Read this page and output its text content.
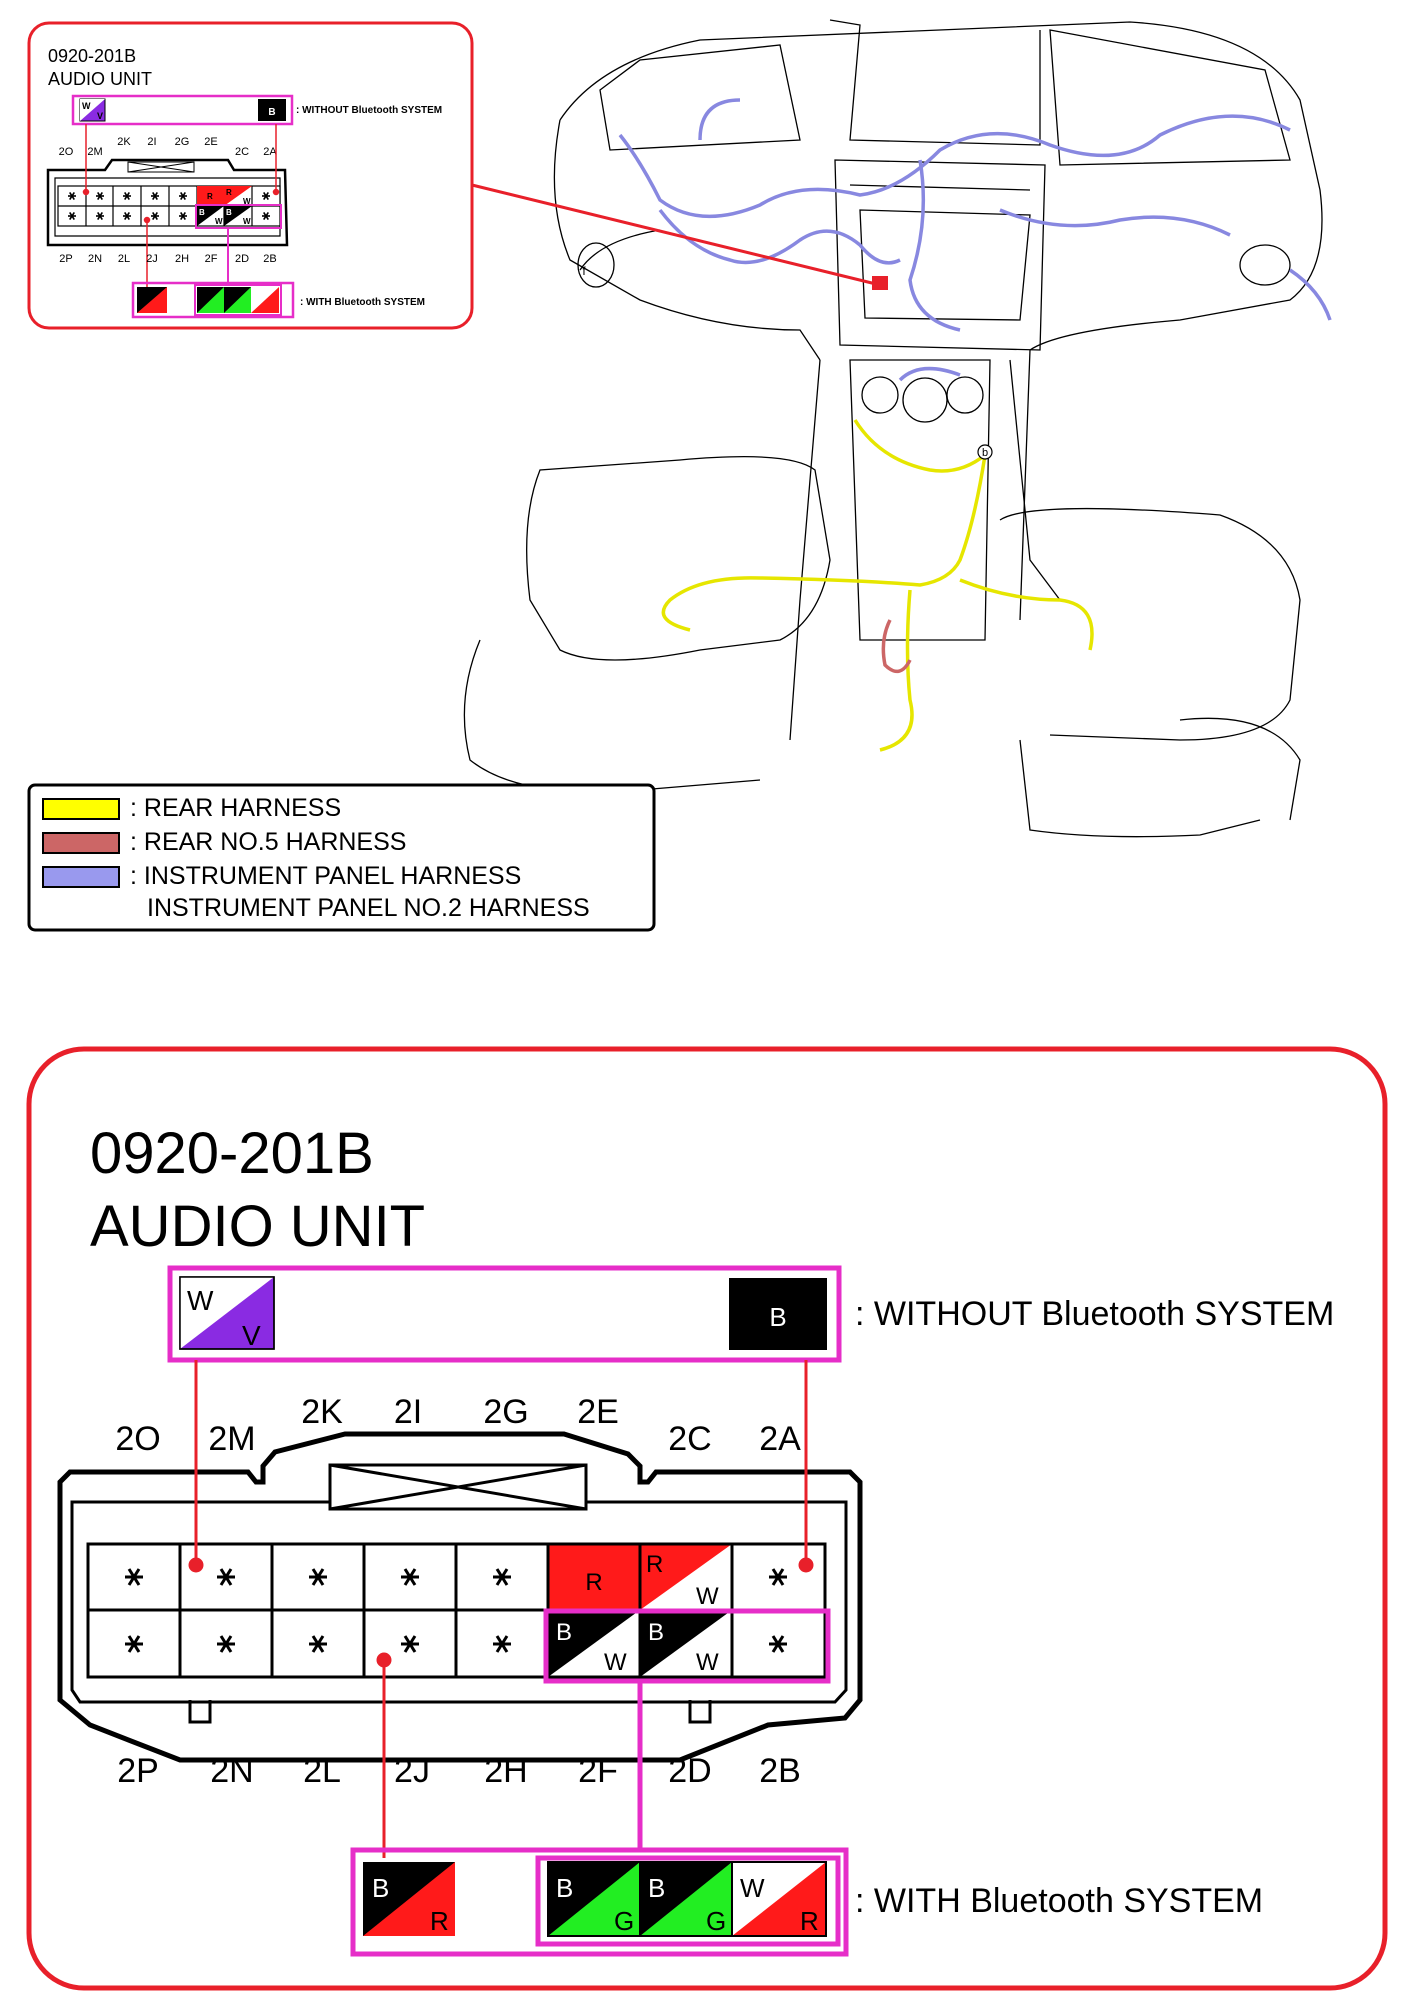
f
b
0920-201B
AUDIO UNIT
W
V	B : WITHOUT Bluetooth SYSTEM
2O 2M
2K 2I 2G 2E
2C 2A
R R
W
B
W
B
W
2P 2N 2L 2J 2H 2F 2D 2B
: WITH Bluetooth SYSTEM
: REAR HARNESS
: REAR NO.5 HARNESS
: INSTRUMENT PANEL HARNESS
INSTRUMENT PANEL NO.2 HARNESS
0920-201B
AUDIO UNIT
W
V
B : WITHOUT Bluetooth SYSTEM
2O 2M
2K 2I 2G 2E
2C 2A
R
R
W
B
W
B
W
2P 2N 2L 2J 2H 2F 2D 2B
B
R
B
G
B
G
W
R
: WITH Bluetooth SYSTEM
